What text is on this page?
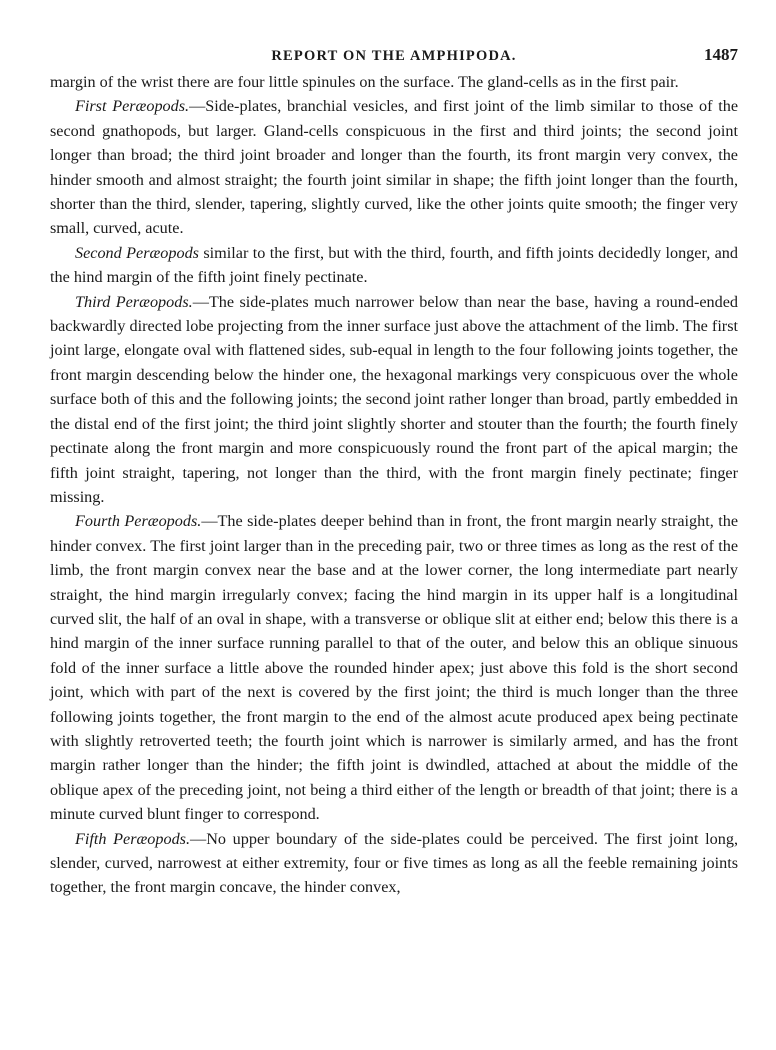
REPORT ON THE AMPHIPODA.	1487

margin of the wrist there are four little spinules on the surface. The gland-cells as in the first pair.

First Peræopods.—Side-plates, branchial vesicles, and first joint of the limb similar to those of the second gnathopods, but larger. Gland-cells conspicuous in the first and third joints; the second joint longer than broad; the third joint broader and longer than the fourth, its front margin very convex, the hinder smooth and almost straight; the fourth joint similar in shape; the fifth joint longer than the fourth, shorter than the third, slender, tapering, slightly curved, like the other joints quite smooth; the finger very small, curved, acute.

Second Peræopods similar to the first, but with the third, fourth, and fifth joints decidedly longer, and the hind margin of the fifth joint finely pectinate.

Third Peræopods.—The side-plates much narrower below than near the base, having a round-ended backwardly directed lobe projecting from the inner surface just above the attachment of the limb. The first joint large, elongate oval with flattened sides, sub-equal in length to the four following joints together, the front margin descending below the hinder one, the hexagonal markings very conspicuous over the whole surface both of this and the following joints; the second joint rather longer than broad, partly embedded in the distal end of the first joint; the third joint slightly shorter and stouter than the fourth; the fourth finely pectinate along the front margin and more conspicuously round the front part of the apical margin; the fifth joint straight, tapering, not longer than the third, with the front margin finely pectinate; finger missing.

Fourth Peræopods.—The side-plates deeper behind than in front, the front margin nearly straight, the hinder convex. The first joint larger than in the preceding pair, two or three times as long as the rest of the limb, the front margin convex near the base and at the lower corner, the long intermediate part nearly straight, the hind margin irregularly convex; facing the hind margin in its upper half is a longitudinal curved slit, the half of an oval in shape, with a transverse or oblique slit at either end; below this there is a hind margin of the inner surface running parallel to that of the outer, and below this an oblique sinuous fold of the inner surface a little above the rounded hinder apex; just above this fold is the short second joint, which with part of the next is covered by the first joint; the third is much longer than the three following joints together, the front margin to the end of the almost acute produced apex being pectinate with slightly retroverted teeth; the fourth joint which is narrower is similarly armed, and has the front margin rather longer than the hinder; the fifth joint is dwindled, attached at about the middle of the oblique apex of the preceding joint, not being a third either of the length or breadth of that joint; there is a minute curved blunt finger to correspond.

Fifth Peræopods.—No upper boundary of the side-plates could be perceived. The first joint long, slender, curved, narrowest at either extremity, four or five times as long as all the feeble remaining joints together, the front margin concave, the hinder convex,
